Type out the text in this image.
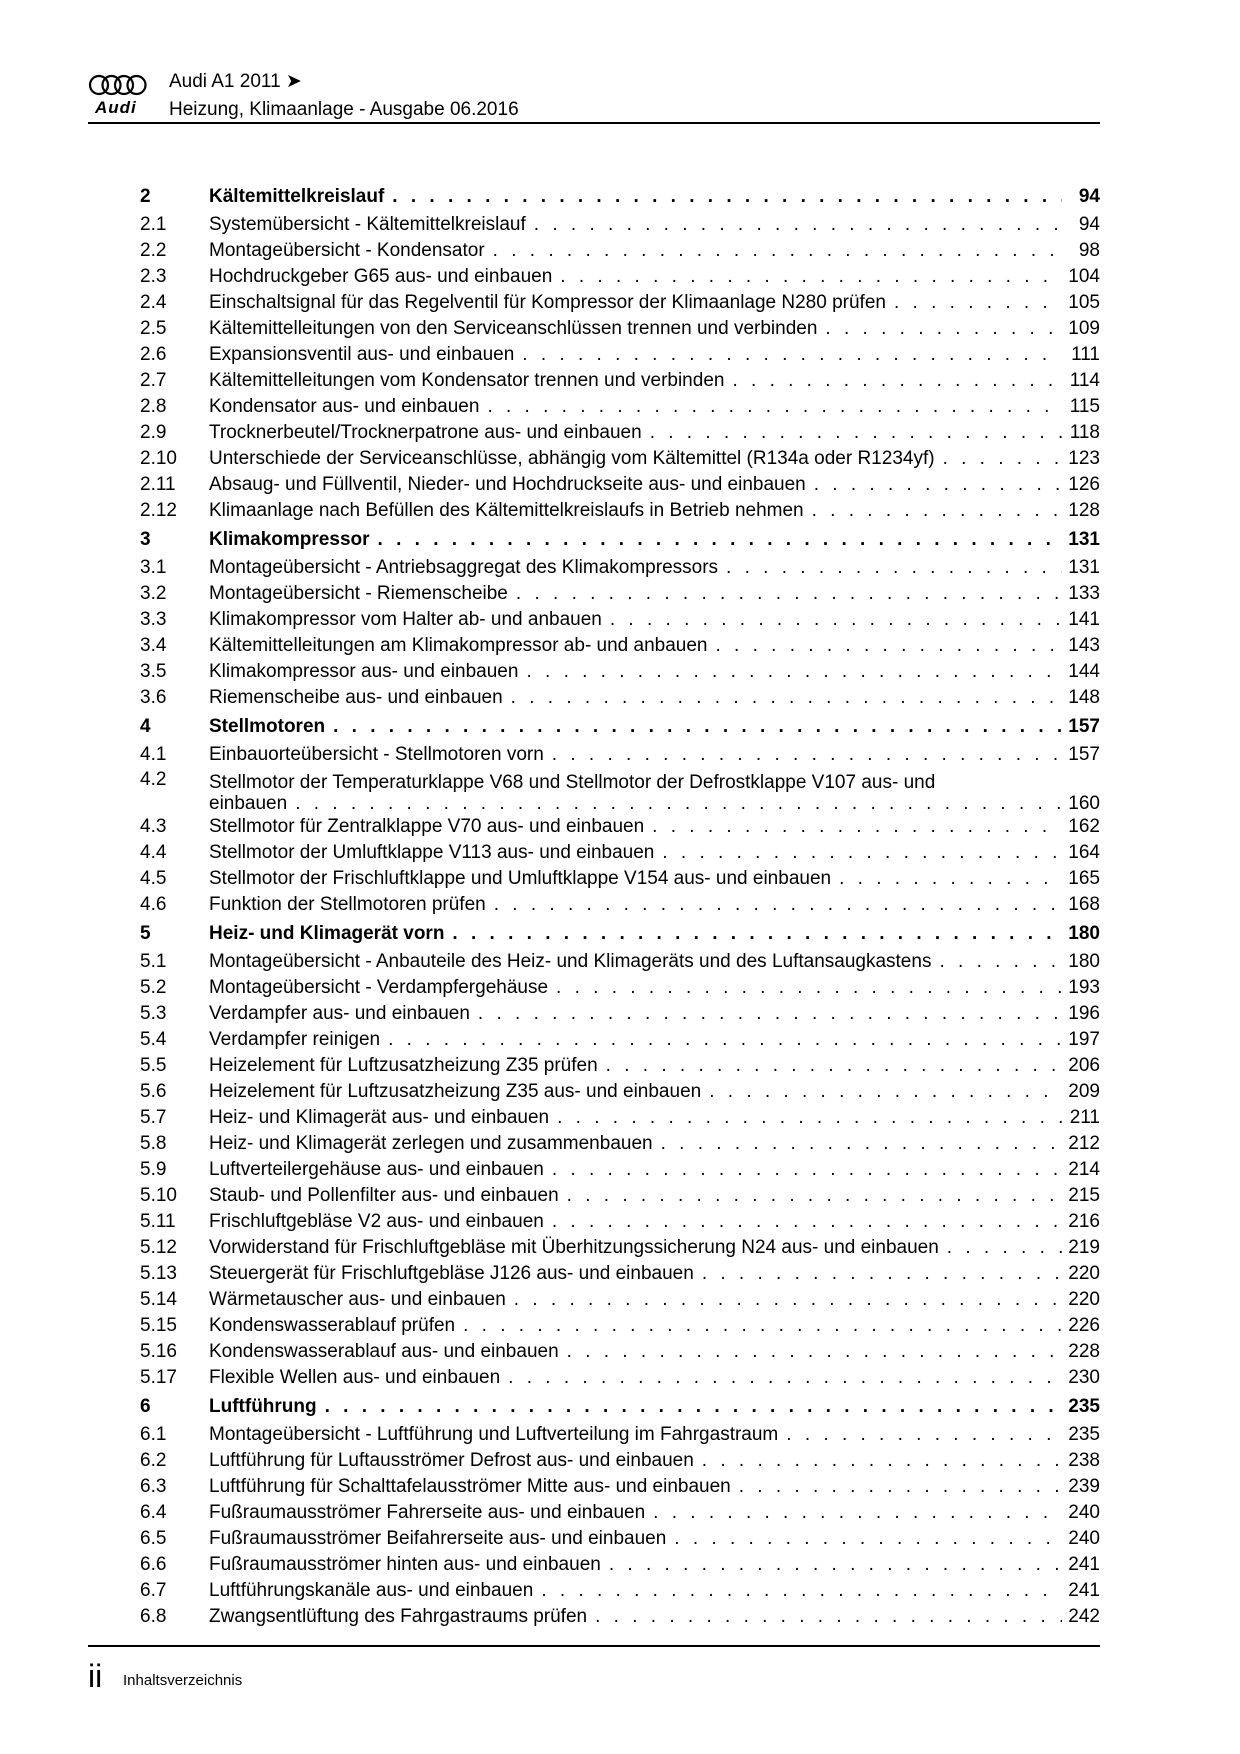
Audi
Audi A1 2011 ➤
Heizung, Klimaanlage - Ausgabe 06.2016
2	Kältemittelkreislauf . . .	94
2.1	Systemübersicht - Kältemittelkreislauf . . .	94
2.2	Montageübersicht - Kondensator . . .	98
2.3	Hochdruckgeber G65 aus- und einbauen . . .	104
2.4	Einschaltsignal für das Regelventil für Kompressor der Klimaanlage N280 prüfen . . .	105
2.5	Kältemittelleitungen von den Serviceanschlüssen trennen und verbinden . . .	109
2.6	Expansionsventil aus- und einbauen . . .	111
2.7	Kältemittelleitungen vom Kondensator trennen und verbinden . . .	114
2.8	Kondensator aus- und einbauen . . .	115
2.9	Trocknerbeutel/Trocknerpatrone aus- und einbauen . . .	118
2.10	Unterschiede der Serviceanschlüsse, abhängig vom Kältemittel (R134a oder R1234yf) . . .	123
2.11	Absaug- und Füllventil, Nieder- und Hochdruckseite aus- und einbauen . . .	126
2.12	Klimaanlage nach Befüllen des Kältemittelkreislaufs in Betrieb nehmen . . .	128
3	Klimakompressor . . .	131
3.1	Montageübersicht - Antriebsaggregat des Klimakompressors . . .	131
3.2	Montageübersicht - Riemenscheibe . . .	133
3.3	Klimakompressor vom Halter ab- und anbauen . . .	141
3.4	Kältemittelleitungen am Klimakompressor ab- und anbauen . . .	143
3.5	Klimakompressor aus- und einbauen . . .	144
3.6	Riemenscheibe aus- und einbauen . . .	148
4	Stellmotoren . . .	157
4.1	Einbauorteübersicht - Stellmotoren vorn . . .	157
4.2	Stellmotor der Temperaturklappe V68 und Stellmotor der Defrostklappe V107 aus- und
einbauen . . .	160
4.3	Stellmotor für Zentralklappe V70 aus- und einbauen . . .	162
4.4	Stellmotor der Umluftklappe V113 aus- und einbauen . . .	164
4.5	Stellmotor der Frischluftklappe und Umluftklappe V154 aus- und einbauen . . .	165
4.6	Funktion der Stellmotoren prüfen . . .	168
5	Heiz- und Klimagerät vorn . . .	180
5.1	Montageübersicht - Anbauteile des Heiz- und Klimageräts und des Luftansaugkastens . . .	180
5.2	Montageübersicht - Verdampfergehäuse . . .	193
5.3	Verdampfer aus- und einbauen . . .	196
5.4	Verdampfer reinigen . . .	197
5.5	Heizelement für Luftzusatzheizung Z35 prüfen . . .	206
5.6	Heizelement für Luftzusatzheizung Z35 aus- und einbauen . . .	209
5.7	Heiz- und Klimagerät aus- und einbauen . . .	211
5.8	Heiz- und Klimagerät zerlegen und zusammenbauen . . .	212
5.9	Luftverteilergehäuse aus- und einbauen . . .	214
5.10	Staub- und Pollenfilter aus- und einbauen . . .	215
5.11	Frischluftgebläse V2 aus- und einbauen . . .	216
5.12	Vorwiderstand für Frischluftgebläse mit Überhitzungssicherung N24 aus- und einbauen . . .	219
5.13	Steuergerät für Frischluftgebläse J126 aus- und einbauen . . .	220
5.14	Wärmetauscher aus- und einbauen . . .	220
5.15	Kondenswasserablauf prüfen . . .	226
5.16	Kondenswasserablauf aus- und einbauen . . .	228
5.17	Flexible Wellen aus- und einbauen . . .	230
6	Luftführung . . .	235
6.1	Montageübersicht - Luftführung und Luftverteilung im Fahrgastraum . . .	235
6.2	Luftführung für Luftausströmer Defrost aus- und einbauen . . .	238
6.3	Luftführung für Schalttafelausströmer Mitte aus- und einbauen . . .	239
6.4	Fußraumausströmer Fahrerseite aus- und einbauen . . .	240
6.5	Fußraumausströmer Beifahrerseite aus- und einbauen . . .	240
6.6	Fußraumausströmer hinten aus- und einbauen . . .	241
6.7	Luftführungskanäle aus- und einbauen . . .	241
6.8	Zwangsentlüftung des Fahrgastraums prüfen . . .	242
ii Inhaltsverzeichnis
